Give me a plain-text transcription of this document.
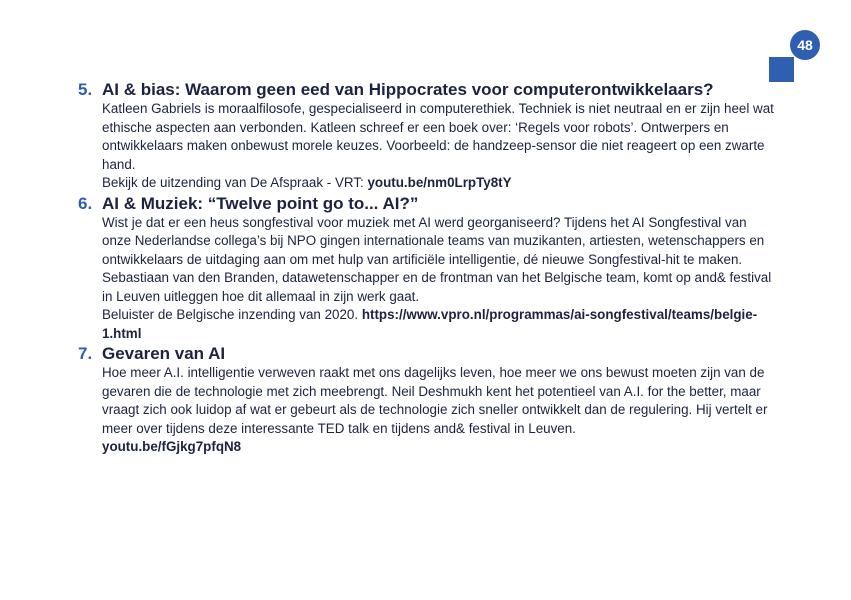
48
5. AI & bias: Waarom geen eed van Hippocrates voor computerontwikkelaars?

Katleen Gabriels is moraalfilosofe, gespecialiseerd in computerethiek. Techniek is niet neutraal en er zijn heel wat ethische aspecten aan verbonden. Katleen schreef er een boek over: ‘Regels voor robots’. Ontwerpers en ontwikkelaars maken onbewust morele keuzes. Voorbeeld: de handzeep-sensor die niet reageert op een zwarte hand.

Bekijk de uitzending van De Afspraak - VRT: youtu.be/nm0LrpTy8tY

6. AI & Muziek: “Twelve point go to... AI?”

Wist je dat er een heus songfestival voor muziek met AI werd georganiseerd? Tijdens het AI Songfestival van onze Nederlandse collega’s bij NPO gingen internationale teams van muzikanten, artiesten, wetenschappers en ontwikkelaars de uitdaging aan om met hulp van artificiële intelligentie, dé nieuwe Songfestival-hit te maken. Sebastiaan van den Branden, datawetenschapper en de frontman van het Belgische team, komt op and& festival in Leuven uitleggen hoe dit allemaal in zijn werk gaat.

Beluister de Belgische inzending van 2020. https://www.vpro.nl/programmas/ai-songfestival/teams/belgie-1.html

7. Gevaren van AI

Hoe meer A.I. intelligentie verweven raakt met ons dagelijks leven, hoe meer we ons bewust moeten zijn van de gevaren die de technologie met zich meebrengt. Neil Deshmukh kent het potentieel van A.I. for the better, maar vraagt zich ook luidop af wat er gebeurt als de technologie zich sneller ontwikkelt dan de regulering. Hij vertelt er meer over tijdens deze interessante TED talk en tijdens and& festival in Leuven.

youtu.be/fGjkg7pfqN8
